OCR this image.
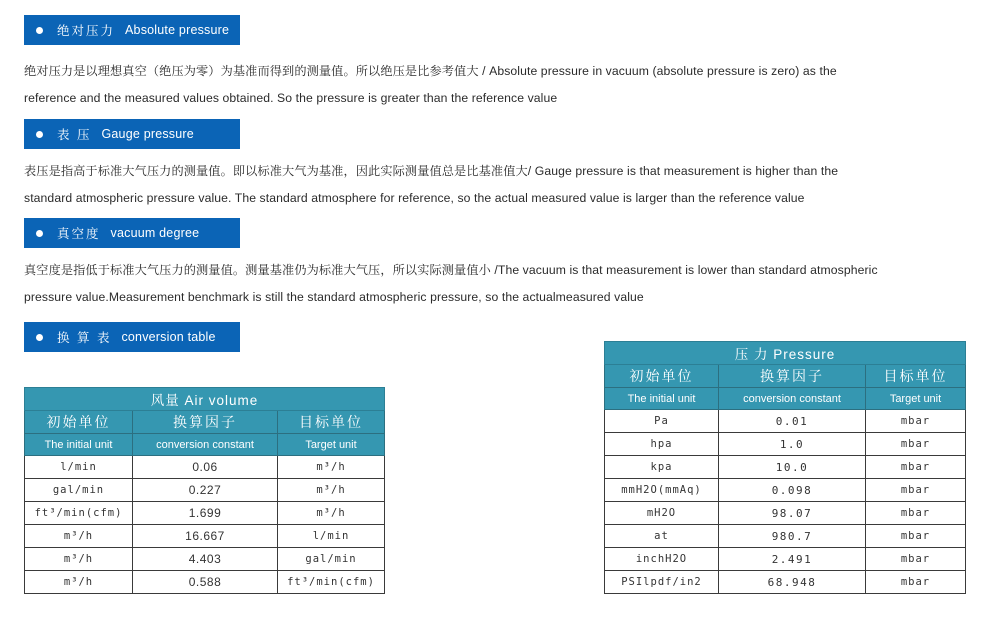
绝对压力 Absolute pressure

绝对压力是以理想真空（绝压为零）为基准而得到的测量值。所以绝压是比参考值大 / Absolute pressure in vacuum (absolute pressure is zero) as the

reference and the measured values obtained. So the pressure is greater than the reference value

表 压 Gauge pressure

表压是指高于标准大气压力的测量值。即以标准大气为基准，因此实际测量值总是比基准值大/ Gauge pressure is that measurement is higher than the

standard atmospheric pressure value. The standard atmosphere for reference, so the actual measured value is larger than the reference value

真空度 vacuum degree

真空度是指低于标准大气压力的测量值。测量基准仍为标准大气压，所以实际测量值小 /The vacuum is that measurement is lower than standard atmospheric

pressure value.Measurement benchmark is still the standard atmospheric pressure, so the actualmeasured value

换 算 表 conversion table
风量 Air volume		
初始单位	换算因子	目标单位
The initial unit	conversion constant	Target unit
l/min	0.06	m³/h
gal/min	0.227	m³/h
ft³/min(cfm)	1.699	m³/h
m³/h	16.667	l/min
m³/h	4.403	gal/min
m³/h	0.588	ft³/min(cfm)
压 力 Pressure		
初始单位	换算因子	目标单位
The initial unit	conversion constant	Target unit
Pa	0.01	mbar
hpa	1.0	mbar
kpa	10.0	mbar
mmH2O(mmAq)	0.098	mbar
mH2O	98.07	mbar
at	980.7	mbar
inchH2O	2.491	mbar
PSIlpdf/in2	68.948	mbar
